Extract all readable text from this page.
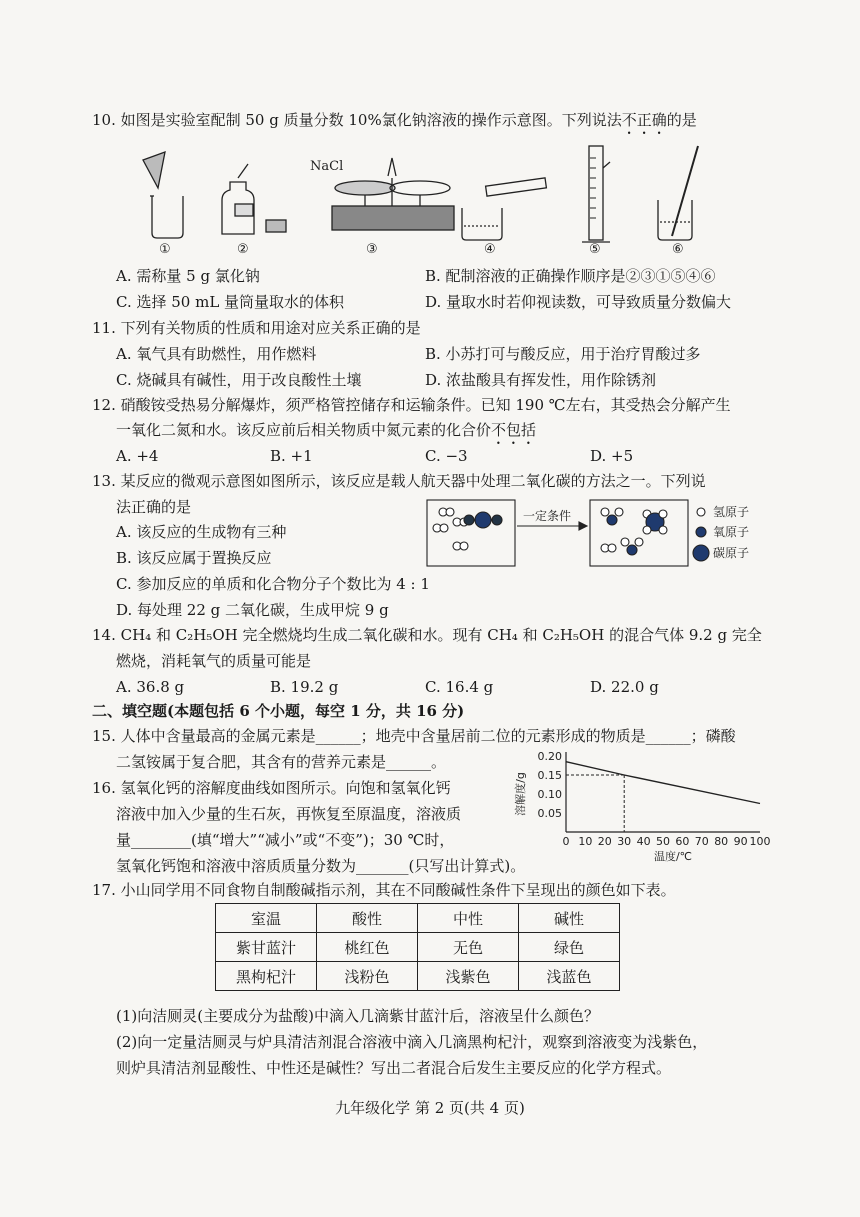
10. 如图是实验室配制 50 g 质量分数 10%氯化钠溶液的操作示意图。下列说法不正确的是
NaCl
①	②	③	④	⑤	⑥
A. 需称量 5 g 氯化钠	B. 配制溶液的正确操作顺序是②③①⑤④⑥
C. 选择 50 mL 量筒量取水的体积	D. 量取水时若仰视读数，可导致质量分数偏大
11. 下列有关物质的性质和用途对应关系正确的是
A. 氧气具有助燃性，用作燃料	B. 小苏打可与酸反应，用于治疗胃酸过多
C. 烧碱具有碱性，用于改良酸性土壤	D. 浓盐酸具有挥发性，用作除锈剂
12. 硝酸铵受热易分解爆炸，须严格管控储存和运输条件。已知 190 ℃左右，其受热会分解产生
一氧化二氮和水。该反应前后相关物质中氮元素的化合价不包括
A. +4	B. +1	C. −3	D. +5
13. 某反应的微观示意图如图所示，该反应是载人航天器中处理二氧化碳的方法之一。下列说
法正确的是
A. 该反应的生成物有三种
B. 该反应属于置换反应
C. 参加反应的单质和化合物分子个数比为 4 : 1
D. 每处理 22 g 二氧化碳，生成甲烷 9 g
一定条件	氢原子
氧原子
碳原子
14. CH₄ 和 C₂H₅OH 完全燃烧均生成二氧化碳和水。现有 CH₄ 和 C₂H₅OH 的混合气体 9.2 g 完全
燃烧，消耗氧气的质量可能是
A. 36.8 g	B. 19.2 g	C. 16.4 g	D. 22.0 g
二、填空题(本题包括 6 个小题，每空 1 分，共 16 分)
15. 人体中含量最高的金属元素是______；地壳中含量居前二位的元素形成的物质是______；磷酸
二氢铵属于复合肥，其含有的营养元素是______。
16. 氢氧化钙的溶解度曲线如图所示。向饱和氢氧化钙
溶液中加入少量的生石灰，再恢复至原温度，溶液质
量________(填“增大”“减小”或“不变”)；30 ℃时，
氢氧化钙饱和溶液中溶质质量分数为_______(只写出计算式)。
0 10 20 30 40 50 60 70 80 90 100
0.20
0.15
0.10
0.05
温度/℃
溶解度/g
17. 小山同学用不同食物自制酸碱指示剂，其在不同酸碱性条件下呈现出的颜色如下表。
室温	酸性	中性	碱性
紫甘蓝汁	桃红色	无色	绿色
黑枸杞汁	浅粉色	浅紫色	浅蓝色
(1)向洁厕灵(主要成分为盐酸)中滴入几滴紫甘蓝汁后，溶液呈什么颜色？
(2)向一定量洁厕灵与炉具清洁剂混合溶液中滴入几滴黑枸杞汁，观察到溶液变为浅紫色，
则炉具清洁剂显酸性、中性还是碱性？写出二者混合后发生主要反应的化学方程式。
九年级化学 第 2 页(共 4 页)
